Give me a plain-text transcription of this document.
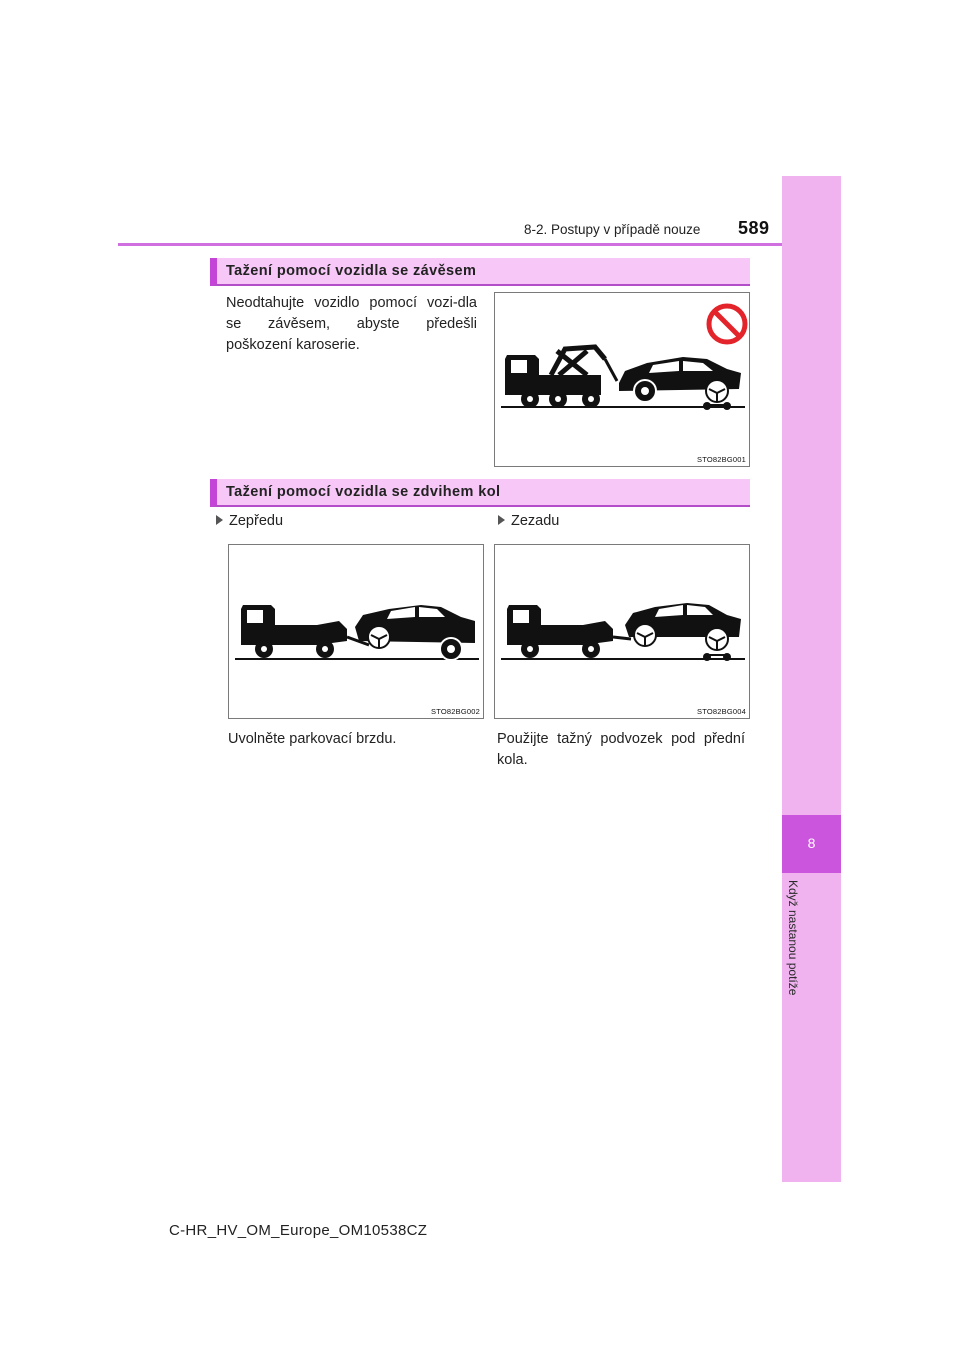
8
Když nastanou potíže
8-2. Postupy v případě nouze 589
Tažení pomocí vozidla se závěsem
Neodtahujte vozidlo pomocí vozi-dla se závěsem, abyste předešli poškození karoserie.
STO82BG001
Tažení pomocí vozidla se zdvihem kol
Zepředu	Zezadu
STO82BG002	STO82BG004
Uvolněte parkovací brzdu.	Použijte tažný podvozek pod přední kola.
C-HR_HV_OM_Europe_OM10538CZ
